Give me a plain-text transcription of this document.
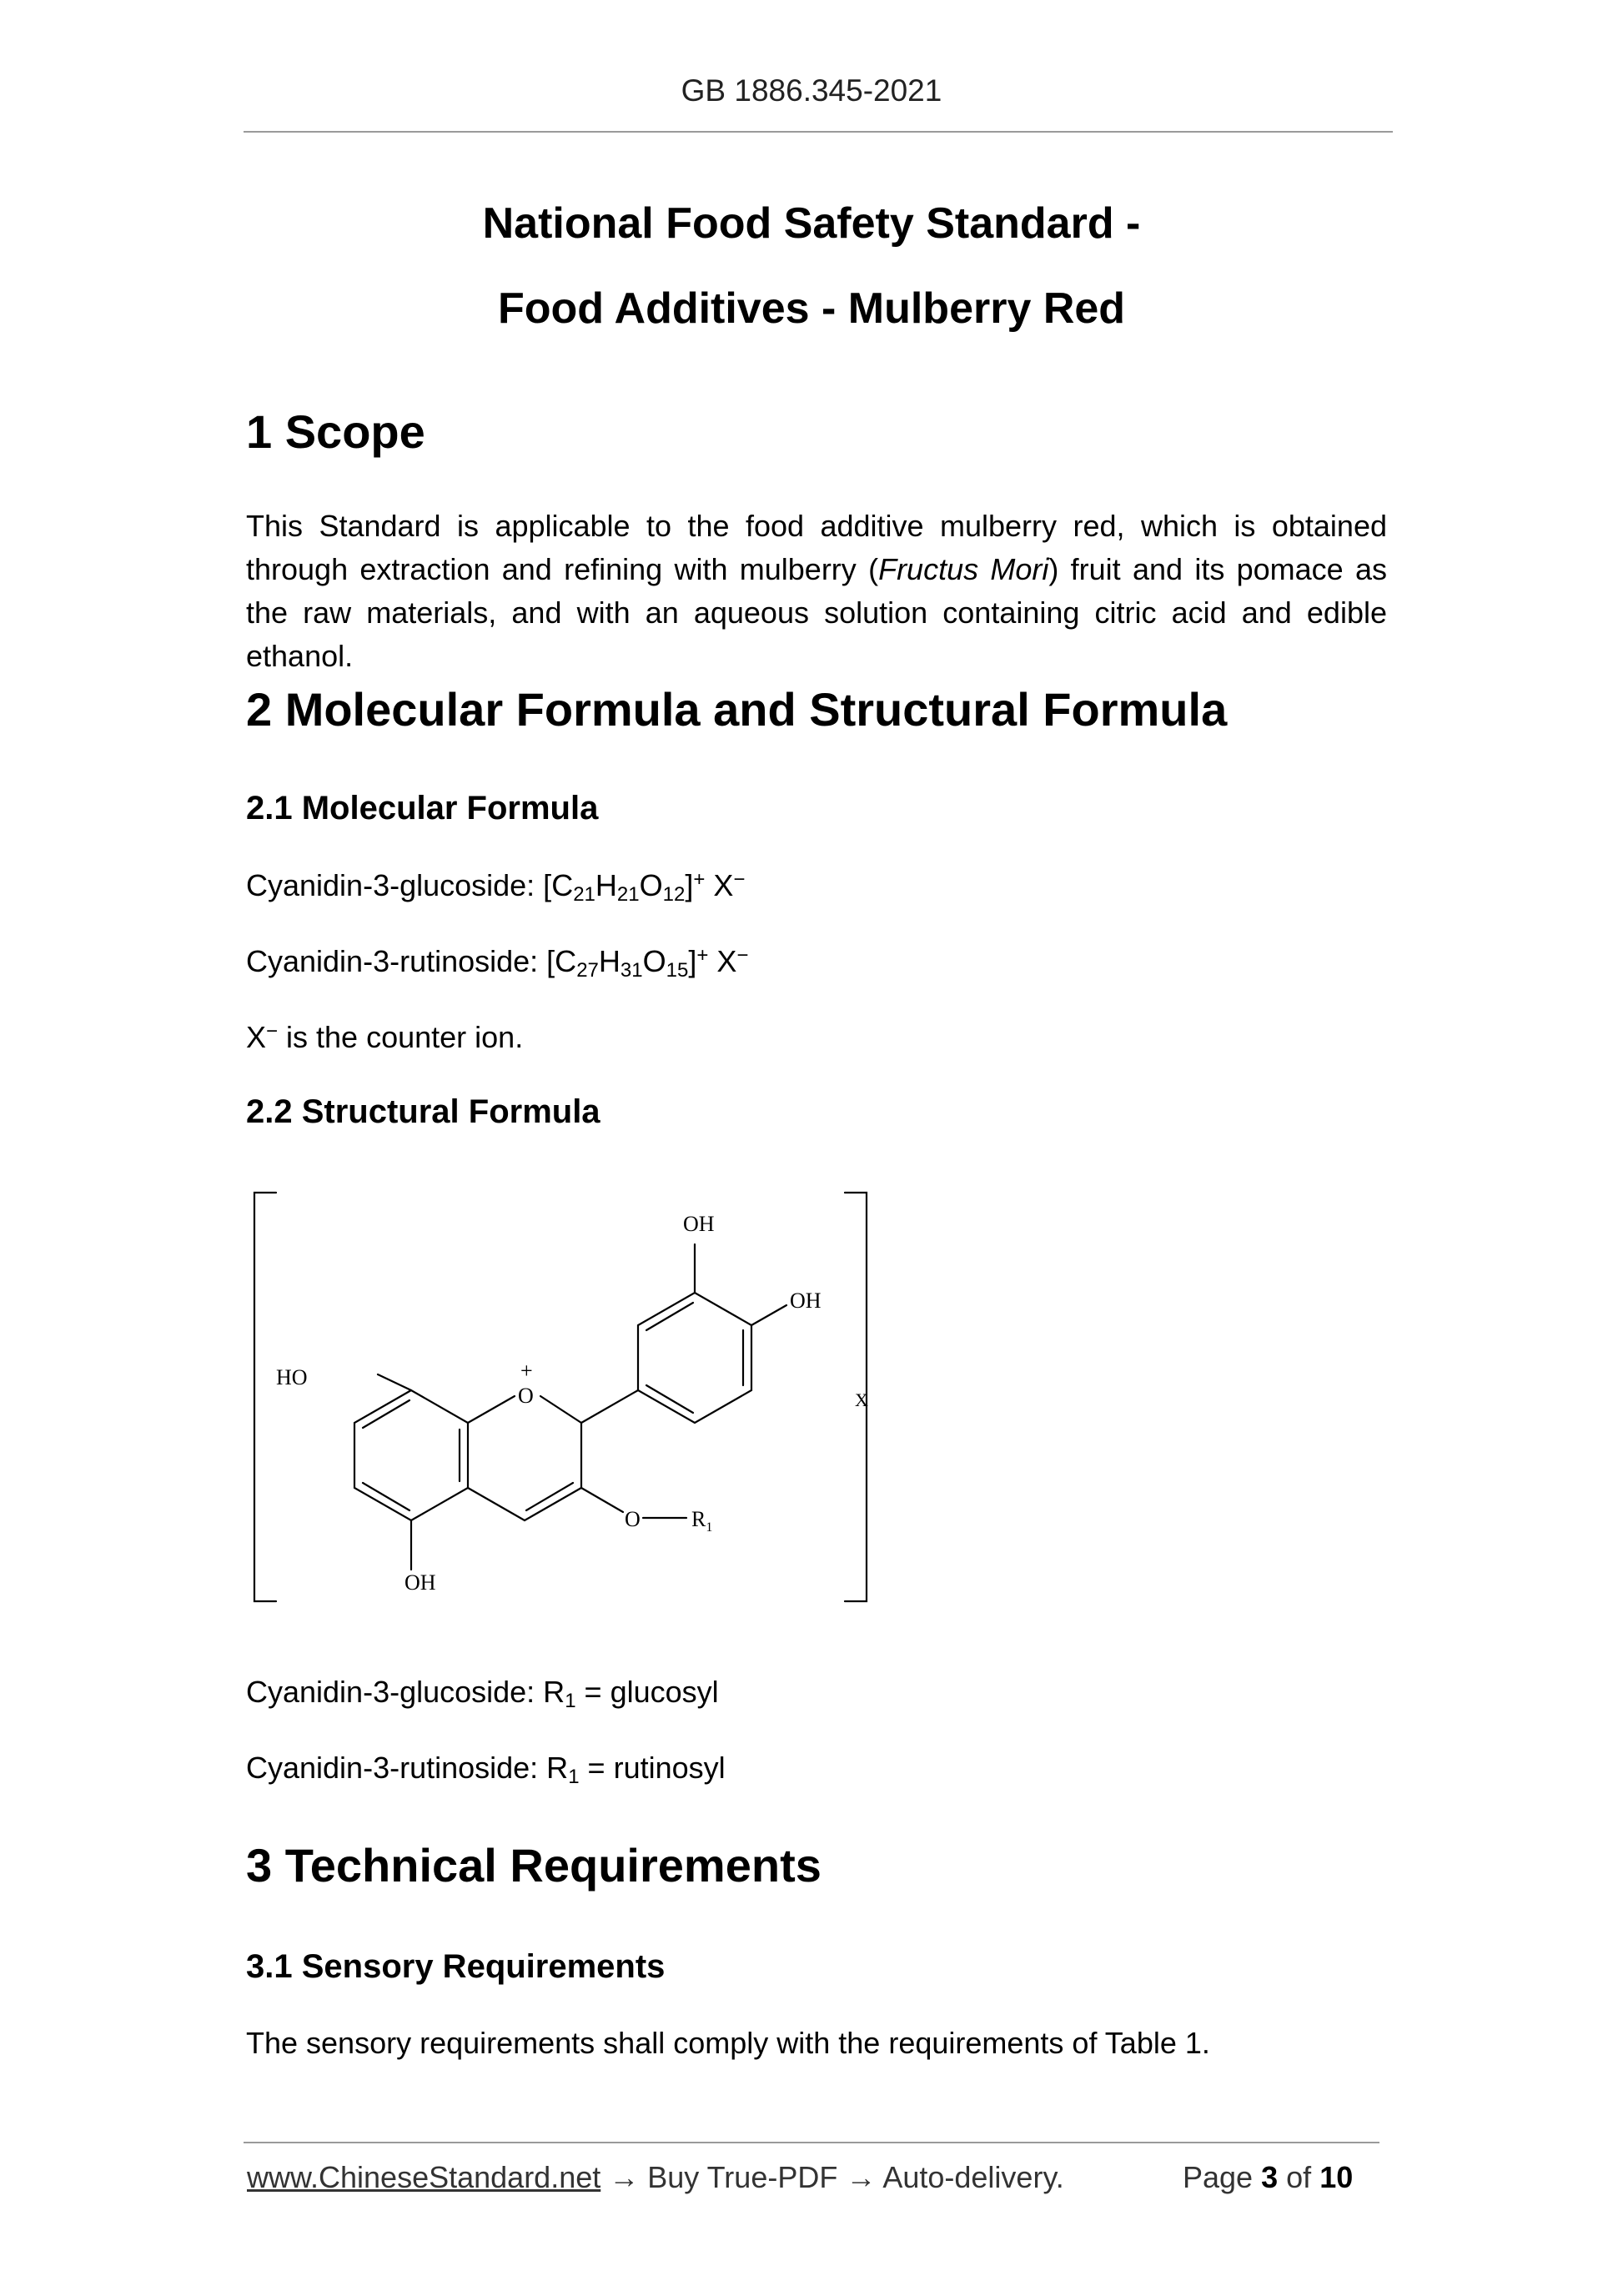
GB 1886.345-2021
National Food Safety Standard -
Food Additives - Mulberry Red
1 Scope
This Standard is applicable to the food additive mulberry red, which is obtained through extraction and refining with mulberry (Fructus Mori) fruit and its pomace as the raw materials, and with an aqueous solution containing citric acid and edible ethanol.
2 Molecular Formula and Structural Formula
2.1 Molecular Formula
Cyanidin-3-glucoside: $[C_{21}H_{21}O_{12}]^+$ X−
Cyanidin-3-rutinoside: $[C_{27}H_{31}O_{15}]^+$ X−
X− is the counter ion.
2.2 Structural Formula
OH
OH
HO
OH
O
+
O $R_1$
X
Cyanidin-3-glucoside: $R_1$ = glucosyl
Cyanidin-3-rutinoside: $R_1$ = rutinosyl
3 Technical Requirements
3.1 Sensory Requirements
The sensory requirements shall comply with the requirements of Table 1.
www.ChineseStandard.net → Buy True-PDF → Auto-delivery.	Page 3 of 10
